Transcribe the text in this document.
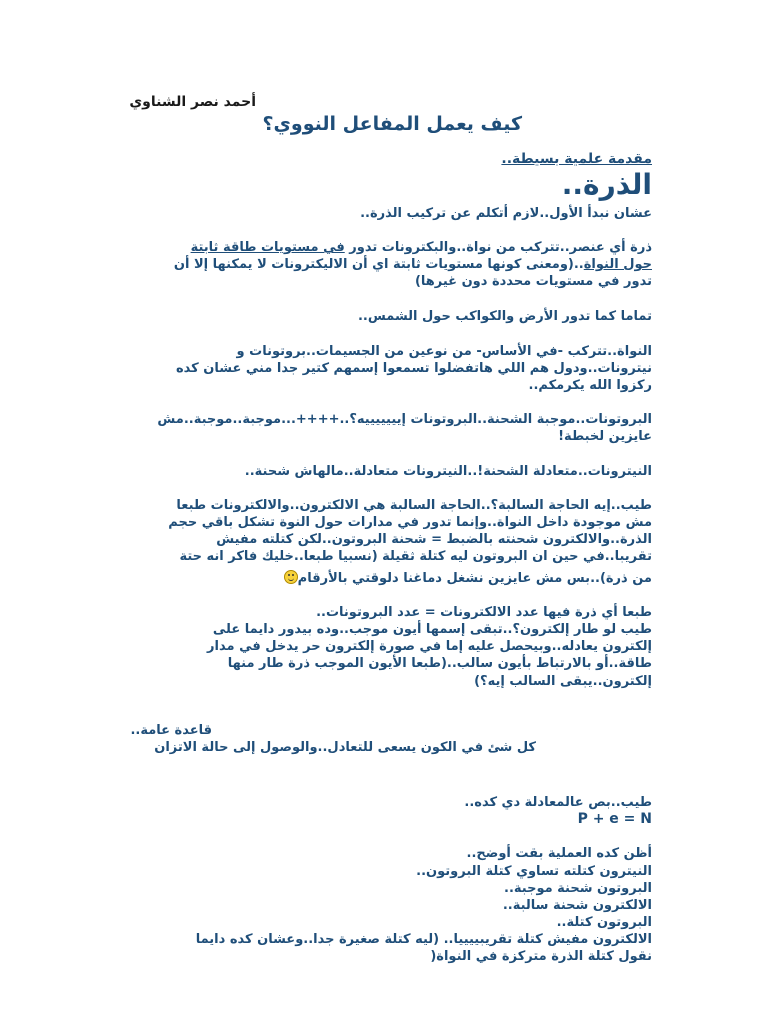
أحمد نصر الشناوي
كيف يعمل المفاعل النووي؟
مقدمة علمية بسيطة..
الذرة..
عشان نبدأ الأول..لازم أتكلم عن تركيب الذرة..
ذرة أي عنصر..تتركب من نواة..والبكترونات تدور في مستويات طاقة ثابتة
حول النواة..(ومعنى كونها مستويات ثابتة اي أن الاليكترونات لا يمكنها إلا أن
تدور في مستويات محددة دون غيرها)
تماما كما تدور الأرض والكواكب حول الشمس..
النواة..تتركب -في الأساس- من نوعين من الجسيمات..بروتونات و
نيترونات..ودول هم اللي هاتفضلوا تسمعوا إسمهم كتير جدا مني عشان كده
ركزوا الله يكرمكم..
البروتونات..موجبة الشحنة..البروتونات إيييييييه؟..++++...موجبة..موجبة..مش
عايزين لخبطة!
النيترونات..متعادلة الشحنة!..النيترونات متعادلة..مالهاش شحنة..
طيب..إيه الحاجة السالبة؟..الحاجة السالبة هي الالكترون..والالكترونات طبعا
مش موجودة داخل النواة..وإنما تدور في مدارات حول النوة تشكل باقي حجم
الذرة..والالكترون شحنته بالضبط = شحنة البروتون..لكن كتلته مفيش
تقريبا..في حين ان البروتون ليه كتلة ثقيلة (نسبيا طبعا..خليك فاكر انه حتة
من ذرة)..بس مش عايزين نشغل دماغنا دلوقتي بالأرقام
طبعا أي ذرة فيها عدد الالكترونات = عدد البروتونات..
طيب لو طار إلكترون؟..تبقى إسمها أيون موجب..وده بيدور دايما على
إلكترون يعادله..وبيحصل عليه إما في صورة إلكترون حر يدخل في مدار
طاقة..أو بالارتباط بأيون سالب..(طبعا الأيون الموجب ذرة طار منها
إلكترون..يبقى السالب إيه؟)
قاعدة عامة..
كل شئ في الكون يسعى للتعادل..والوصول إلى حالة الاتزان
طيب..بص عالمعادلة دي كده..
P + e = N
أظن كده العملية بقت أوضح..
النيترون كتلته تساوي كتلة البروتون..
البروتون شحنة موجبة..
الالكترون شحنة سالبة..
البروتون كتلة..
الالكترون مفيش كتلة تقريبييييا.. (ليه كتلة صغيرة جدا..وعشان كده دايما
نقول كتلة الذرة متركزة في النواة(
